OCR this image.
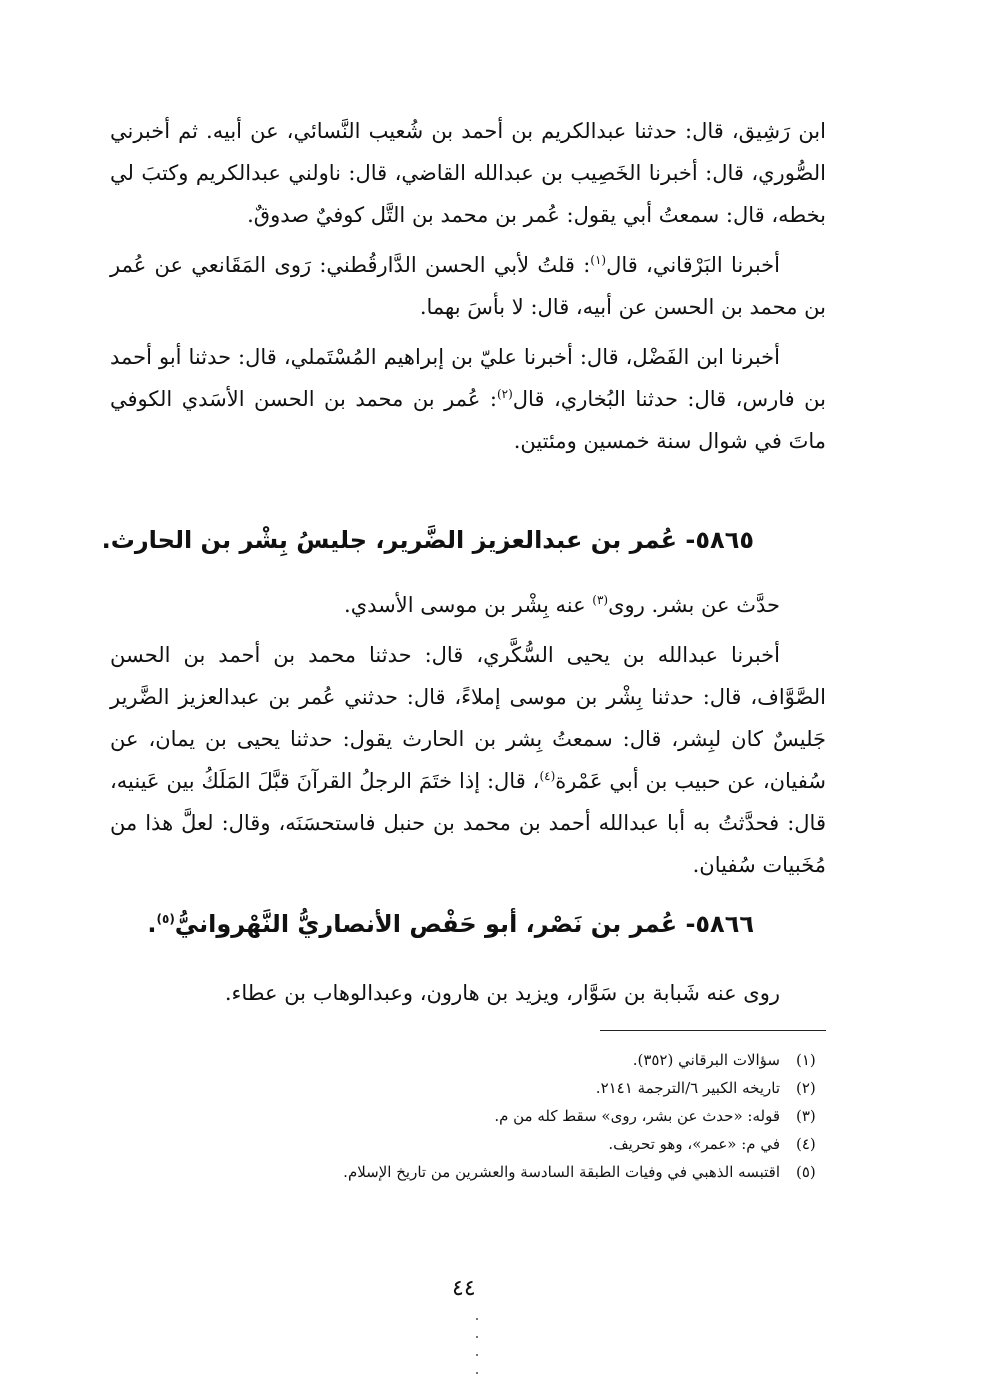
ابن رَشِيق، قال: حدثنا عبدالكريم بن أحمد بن شُعيب النَّسائي، عن أبيه. ثم أخبرني الصُّوري، قال: أخبرنا الخَصِيب بن عبدالله القاضي، قال: ناولني عبدالكريم وكتبَ لي بخطه، قال: سمعتُ أبي يقول: عُمر بن محمد بن التَّل كوفيٌ صدوقٌ.

أخبرنا البَرْقاني، قال$^{(١)}$: قلتُ لأبي الحسن الدَّارقُطني: رَوى المَقَانعي عن عُمر بن محمد بن الحسن عن أبيه، قال: لا بأسَ بهما.

أخبرنا ابن الفَضْل، قال: أخبرنا عليّ بن إبراهيم المُسْتَملي، قال: حدثنا أبو أحمد بن فارس، قال: حدثنا البُخاري، قال$^{(٢)}$: عُمر بن محمد بن الحسن الأسَدي الكوفي ماتَ في شوال سنة خمسين ومئتين.

٥٨٦٥- عُمر بن عبدالعزيز الضَّرير، جليسُ بِشْر بن الحارث.

حدَّث عن بشر. روى$^{(٣)}$ عنه بِشْر بن موسى الأسدي.

أخبرنا عبدالله بن يحيى السُّكَّري، قال: حدثنا محمد بن أحمد بن الحسن الصَّوَّاف، قال: حدثنا بِشْر بن موسى إملاءً، قال: حدثني عُمر بن عبدالعزيز الضَّرير جَليسٌ كان لبِشر، قال: سمعتُ بِشر بن الحارث يقول: حدثنا يحيى بن يمان، عن سُفيان، عن حبيب بن أبي عَمْرة$^{(٤)}$، قال: إذا ختَمَ الرجلُ القرآنَ قبَّلَ المَلَكُ بين عَينيه، قال: فحدَّثتُ به أبا عبدالله أحمد بن محمد بن حنبل فاستحسَنَه، وقال: لعلَّ هذا من مُخَبيات سُفيان.

٥٨٦٦- عُمر بن نَصْر، أبو حَفْص الأنصاريُّ النَّهْروانيُّ$^{(٥)}$.

روى عنه شَبابة بن سَوَّار، ويزيد بن هارون، وعبدالوهاب بن عطاء.

(١)
سؤالات البرقاني (٣٥٢).
(٢)
تاريخه الكبير ٦/الترجمة ٢١٤١.
(٣)
قوله: «حدث عن بشر، روى» سقط كله من م.
(٤)
في م: «عمر»، وهو تحريف.
(٥)
اقتبسه الذهبي في وفيات الطبقة السادسة والعشرين من تاريخ الإسلام.
٤٤
